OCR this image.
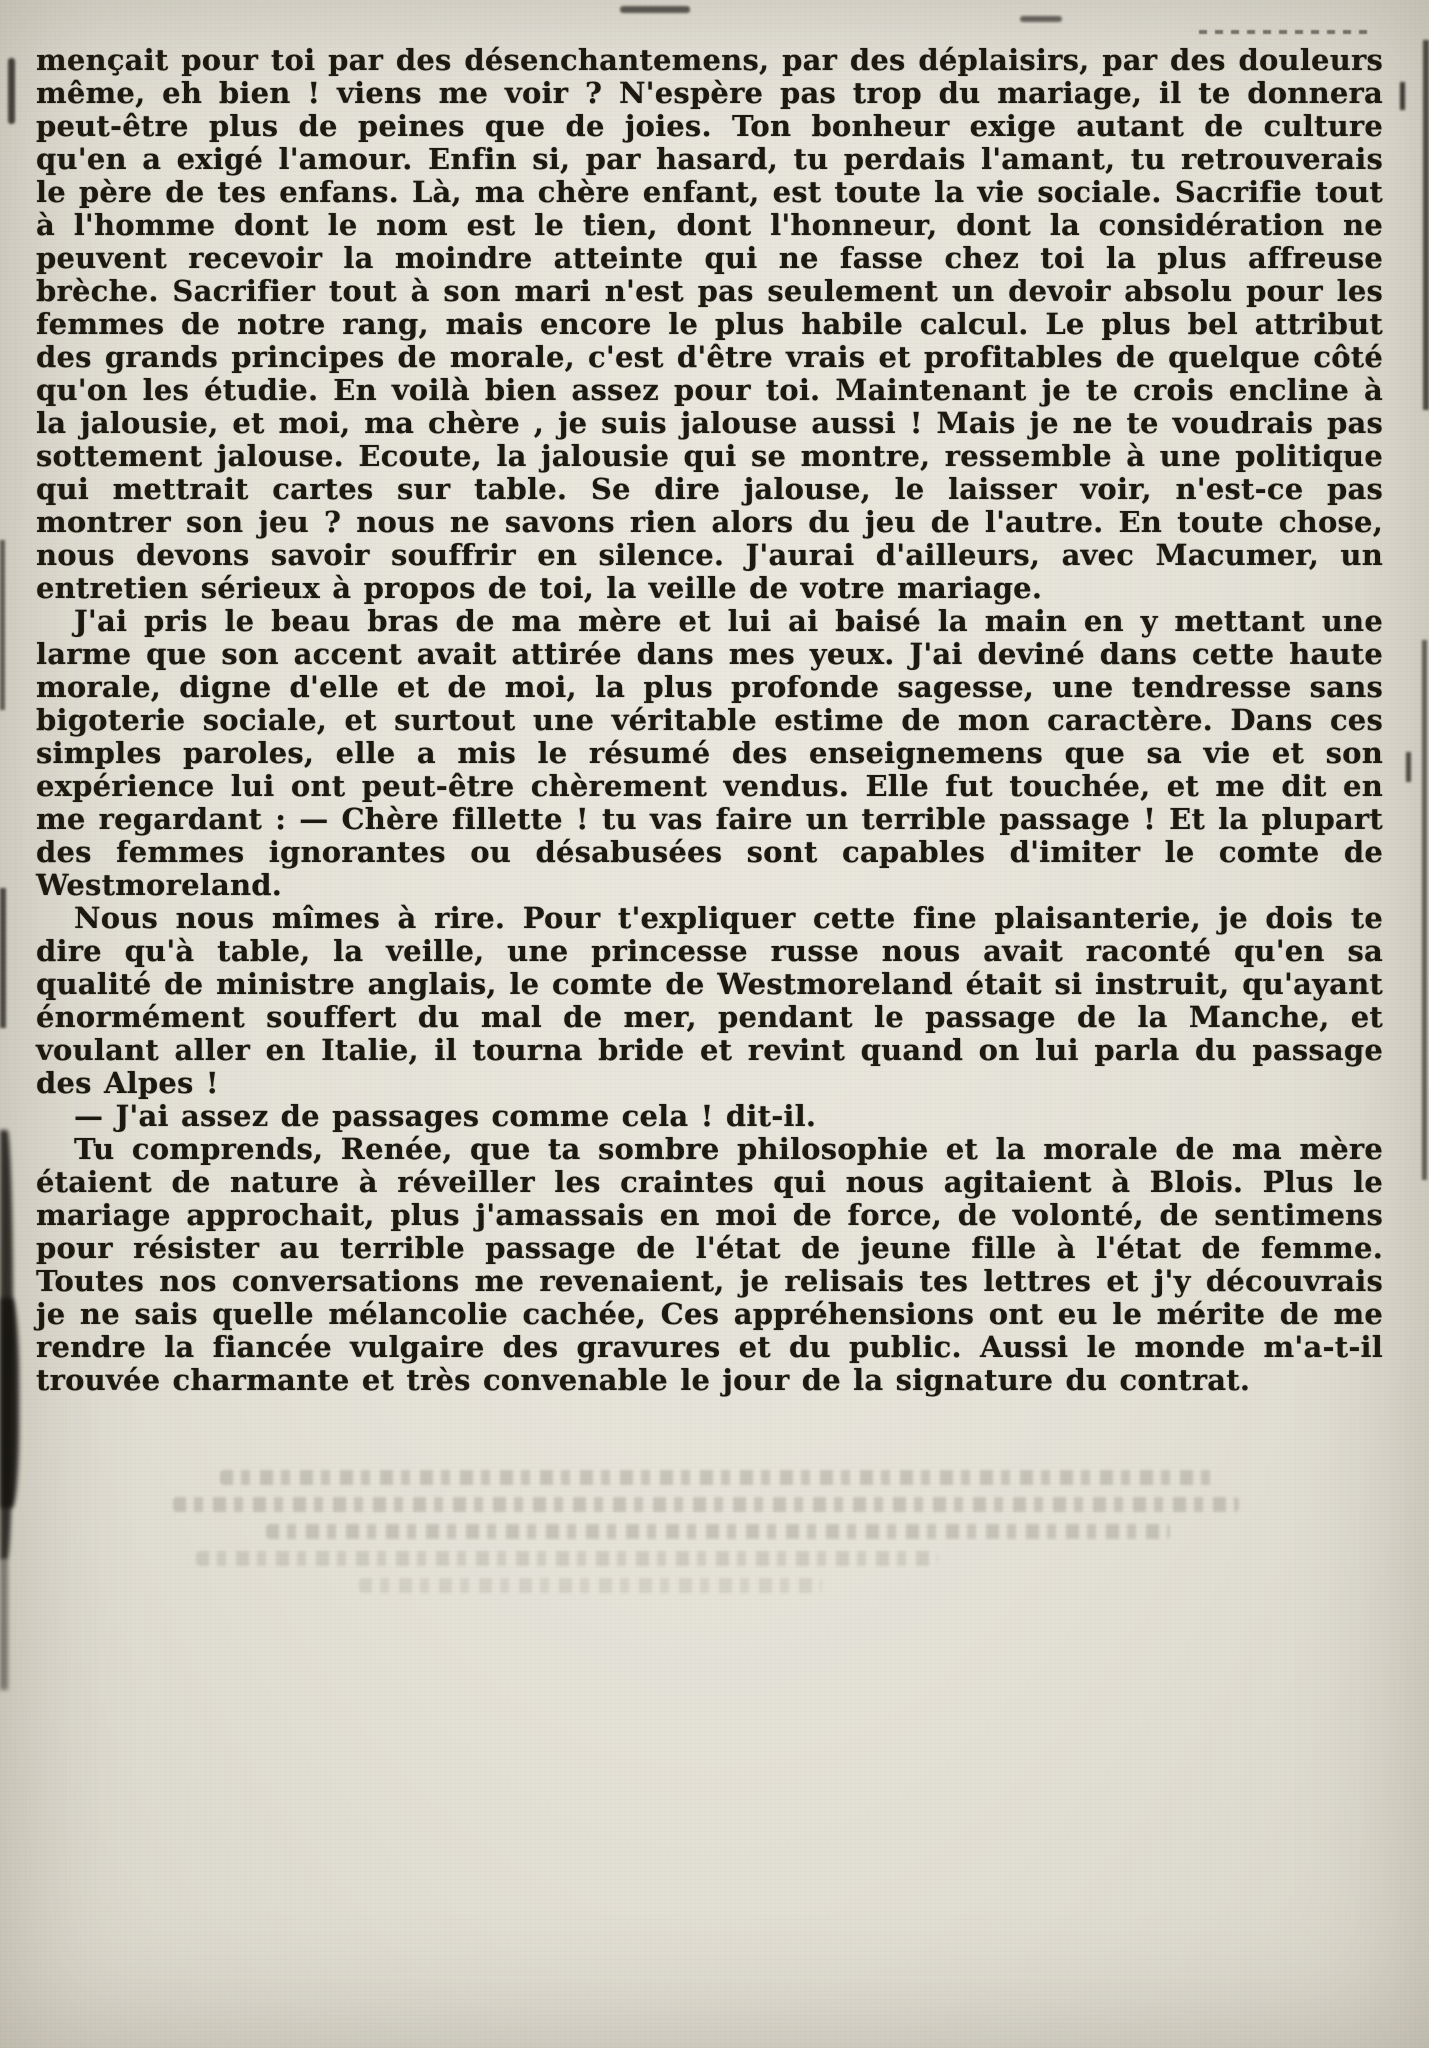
mençait pour toi par des désenchantemens, par des déplaisirs, par des douleurs même, eh bien ! viens me voir ? N'espère pas trop du mariage, il te donnera peut-être plus de peines que de joies. Ton bonheur exige autant de culture qu'en a exigé l'amour. Enfin si, par hasard, tu perdais l'amant, tu retrouverais le père de tes enfans. Là, ma chère enfant, est toute la vie sociale. Sacrifie tout à l'homme dont le nom est le tien, dont l'honneur, dont la considération ne peuvent recevoir la moindre atteinte qui ne fasse chez toi la plus affreuse brèche. Sacrifier tout à son mari n'est pas seulement un devoir absolu pour les femmes de notre rang, mais encore le plus habile calcul. Le plus bel attribut des grands principes de morale, c'est d'être vrais et profitables de quelque côté qu'on les étudie. En voilà bien assez pour toi. Maintenant je te crois encline à la jalousie, et moi, ma chère , je suis jalouse aussi ! Mais je ne te voudrais pas sottement jalouse. Ecoute, la jalousie qui se montre, ressemble à une politique qui mettrait cartes sur table. Se dire jalouse, le laisser voir, n'est-ce pas montrer son jeu ? nous ne savons rien alors du jeu de l'autre. En toute chose, nous devons savoir souffrir en silence. J'aurai d'ailleurs, avec Macumer, un entretien sérieux à propos de toi, la veille de votre mariage.

J'ai pris le beau bras de ma mère et lui ai baisé la main en y mettant une larme que son accent avait attirée dans mes yeux. J'ai deviné dans cette haute morale, digne d'elle et de moi, la plus profonde sagesse, une tendresse sans bigoterie sociale, et surtout une véritable estime de mon caractère. Dans ces simples paroles, elle a mis le résumé des enseignemens que sa vie et son expérience lui ont peut-être chèrement vendus. Elle fut touchée, et me dit en me regardant : — Chère fillette ! tu vas faire un terrible passage ! Et la plupart des femmes ignorantes ou désabusées sont capables d'imiter le comte de Westmoreland.

Nous nous mîmes à rire. Pour t'expliquer cette fine plaisanterie, je dois te dire qu'à table, la veille, une princesse russe nous avait raconté qu'en sa qualité de ministre anglais, le comte de Westmoreland était si instruit, qu'ayant énormément souffert du mal de mer, pendant le passage de la Manche, et voulant aller en Italie, il tourna bride et revint quand on lui parla du passage des Alpes !

— J'ai assez de passages comme cela ! dit-il.

Tu comprends, Renée, que ta sombre philosophie et la morale de ma mère étaient de nature à réveiller les craintes qui nous agitaient à Blois. Plus le mariage approchait, plus j'amassais en moi de force, de volonté, de sentimens pour résister au terrible passage de l'état de jeune fille à l'état de femme. Toutes nos conversations me revenaient, je relisais tes lettres et j'y découvrais je ne sais quelle mélancolie cachée, Ces appréhensions ont eu le mérite de me rendre la fiancée vulgaire des gravures et du public. Aussi le monde m'a-t-il trouvée charmante et très convenable le jour de la signature du contrat.
